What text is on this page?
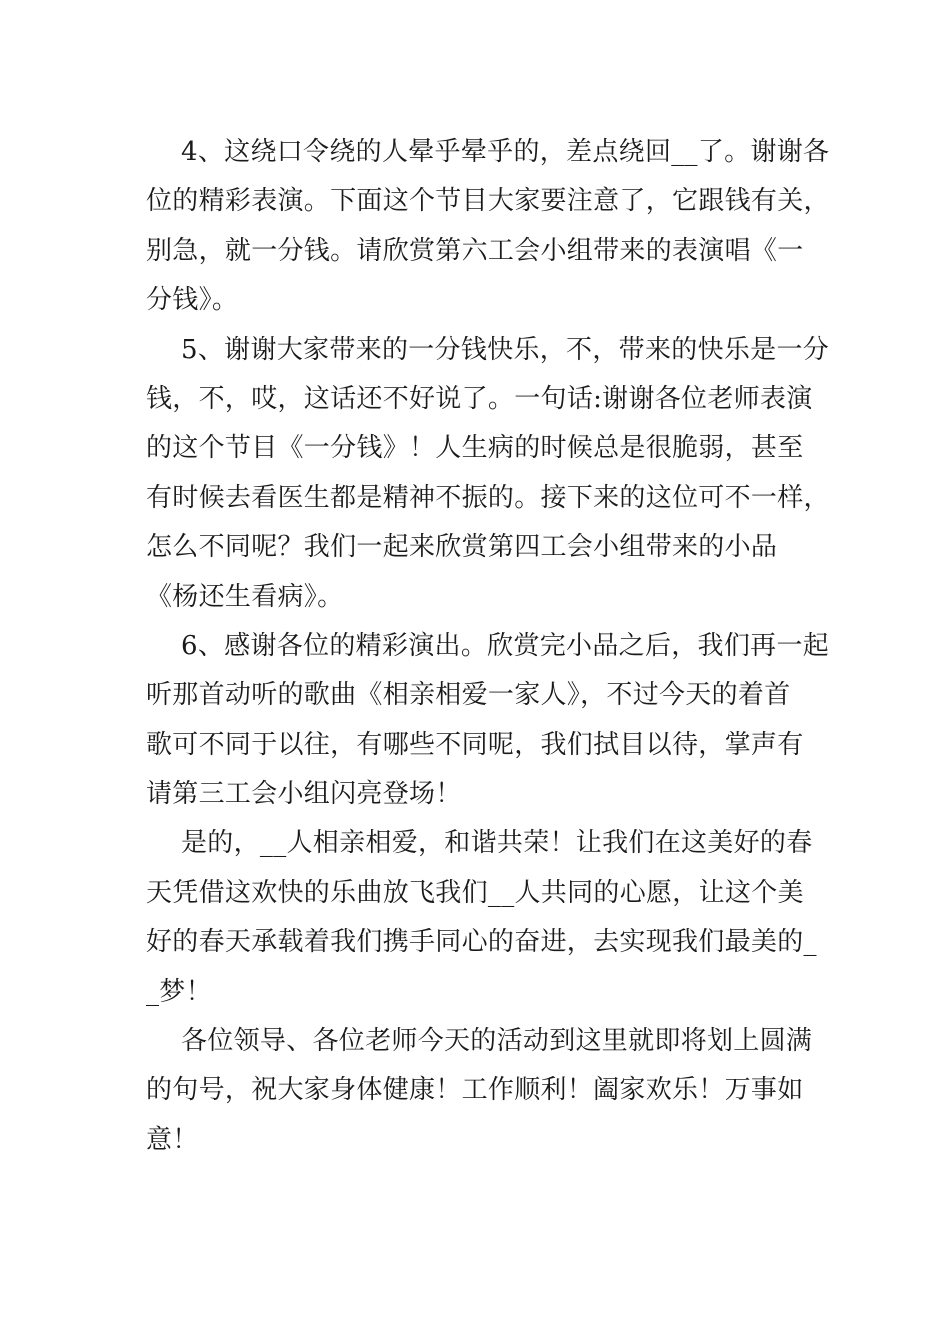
4、这绕口令绕的人晕乎晕乎的，差点绕回__了。谢谢各
位的精彩表演。下面这个节目大家要注意了，它跟钱有关，
别急，就一分钱。请欣赏第六工会小组带来的表演唱《一
分钱》。
5、谢谢大家带来的一分钱快乐，不，带来的快乐是一分
钱，不，哎，这话还不好说了。一句话:谢谢各位老师表演
的这个节目《一分钱》！人生病的时候总是很脆弱，甚至
有时候去看医生都是精神不振的。接下来的这位可不一样，
怎么不同呢？我们一起来欣赏第四工会小组带来的小品
《杨还生看病》。
6、感谢各位的精彩演出。欣赏完小品之后，我们再一起
听那首动听的歌曲《相亲相爱一家人》，不过今天的着首
歌可不同于以往，有哪些不同呢，我们拭目以待，掌声有
请第三工会小组闪亮登场！
是的，__人相亲相爱，和谐共荣！让我们在这美好的春
天凭借这欢快的乐曲放飞我们__人共同的心愿，让这个美
好的春天承载着我们携手同心的奋进，去实现我们最美的_
_梦！
各位领导、各位老师今天的活动到这里就即将划上圆满
的句号，祝大家身体健康！工作顺利！阖家欢乐！万事如
意！
